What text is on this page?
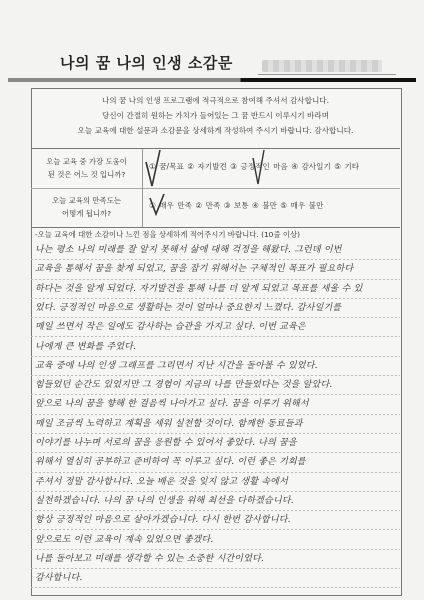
나의 꿈 나의 인생 소감문
나의 꿈 나의 인생 프로그램에 적극적으로 참여해 주셔서 감사합니다.
당신이 간절히 원하는 가치가 들어있는 그 꿈 반드시 이루시기 바라며
오늘 교육에 대한 설문과 소감문을 상세하게 작성하여 주시기 바랍니다. 감사합니다.
오늘 교육 중 가장 도움이
된 것은 어느 것 입니까?
① 꿈/목표 ② 자기발견 ③ 긍정적인 마음 ④ 감사일기 ⑤ 기타
오늘 교육의 만족도는
어떻게 됩니까?
① 매우 만족 ② 만족 ③ 보통 ④ 불만 ⑤ 매우 불만
-오늘 교육에 대한 소감이나 느낀 점을 상세하게 적어주시기 바랍니다. (10줄 이상)
나는 평소 나의 미래를 잘 알지 못해서 삶에 대해 걱정을 해왔다. 그런데 이번
교육을 통해서 꿈을 찾게 되었고, 꿈을 잡기 위해서는 구체적인 목표가 필요하다
하다는 것을 알게 되었다. 자기발견을 통해 나를 더 알게 되었고 목표를 세울 수 있
었다. 긍정적인 마음으로 생활하는 것이 얼마나 중요한지 느꼈다. 감사일기를
매일 쓰면서 작은 일에도 감사하는 습관을 가지고 싶다. 이번 교육은
나에게 큰 변화를 주었다.
교육 중에 나의 인생 그래프를 그리면서 지난 시간을 돌아볼 수 있었다.
힘들었던 순간도 있었지만 그 경험이 지금의 나를 만들었다는 것을 알았다.
앞으로 나의 꿈을 향해 한 걸음씩 나아가고 싶다. 꿈을 이루기 위해서
매일 조금씩 노력하고 계획을 세워 실천할 것이다. 함께한 동료들과
이야기를 나누며 서로의 꿈을 응원할 수 있어서 좋았다. 나의 꿈을
위해서 열심히 공부하고 준비하여 꼭 이루고 싶다. 이런 좋은 기회를
주셔서 정말 감사합니다. 오늘 배운 것을 잊지 않고 생활 속에서
실천하겠습니다. 나의 꿈 나의 인생을 위해 최선을 다하겠습니다.
항상 긍정적인 마음으로 살아가겠습니다. 다시 한번 감사합니다.
앞으로도 이런 교육이 계속 있었으면 좋겠다.
나를 돌아보고 미래를 생각할 수 있는 소중한 시간이었다.
감사합니다.
